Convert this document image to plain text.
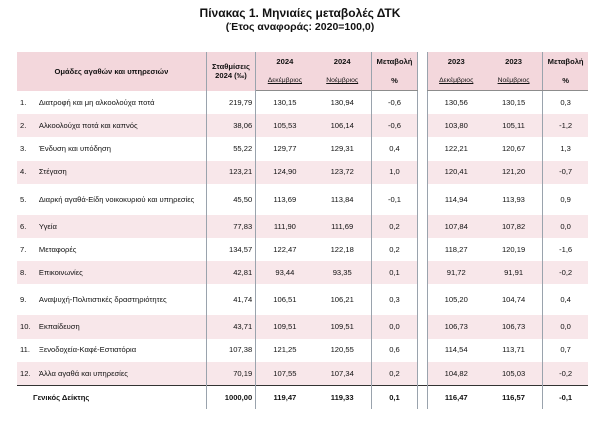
Πίνακας 1. Μηνιαίες μεταβολές ΔΤΚ
(Έτος αναφοράς: 2020=100,0)
Ομάδες αγαθών και υπηρεσιών		Σταθμίσεις 2024 (‰)	2024	2024	Μεταβολή		2023	2023	Μεταβολή
			Δεκέμβριος	Νοέμβριος	%		Δεκέμβριος	Νοέμβριος	%
1.	Διατροφή και μη αλκοολούχα ποτά	219,79	130,15	130,94	-0,6		130,56	130,15	0,3
2.	Αλκοολούχα ποτά και καπνός	38,06	105,53	106,14	-0,6		103,80	105,11	-1,2
3.	Ένδυση και υπόδηση	55,22	129,77	129,31	0,4		122,21	120,67	1,3
4.	Στέγαση	123,21	124,90	123,72	1,0		120,41	121,20	-0,7
5.	Διαρκή αγαθά-Είδη νοικοκυριού και υπηρεσίες	45,50	113,69	113,84	-0,1		114,94	113,93	0,9
6.	Υγεία	77,83	111,90	111,69	0,2		107,84	107,82	0,0
7.	Μεταφορές	134,57	122,47	122,18	0,2		118,27	120,19	-1,6
8.	Επικοινωνίες	42,81	93,44	93,35	0,1		91,72	91,91	-0,2
9.	Αναψυχή-Πολιτιστικές δραστηριότητες	41,74	106,51	106,21	0,3		105,20	104,74	0,4
10.	Εκπαίδευση	43,71	109,51	109,51	0,0		106,73	106,73	0,0
11.	Ξενοδοχεία-Καφέ-Εστιατόρια	107,38	121,25	120,55	0,6		114,54	113,71	0,7
12.	Άλλα αγαθά και υπηρεσίες	70,19	107,55	107,34	0,2		104,82	105,03	-0,2
Γενικός Δείκτης		1000,00	119,47	119,33	0,1		116,47	116,57	-0,1
